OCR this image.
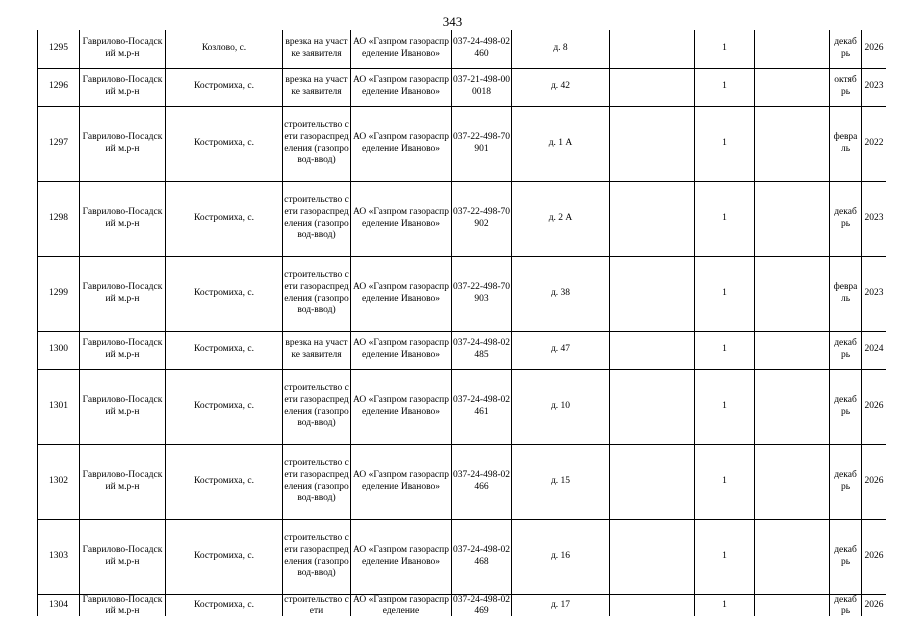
343
1295	Гаврилово-Посадский м.р-н	Козлово, с.	врезка на участке заявителя	АО «Газпром газораспределение Иваново»	037-24-498-02460	д. 8		1		декабрь	2026
1296	Гаврилово-Посадский м.р-н	Костромиха, с.	врезка на участке заявителя	АО «Газпром газораспределение Иваново»	037-21-498-000018	д. 42		1		октябрь	2023
1297	Гаврилово-Посадский м.р-н	Костромиха, с.	строительство сети газораспределения (газопровод-ввод)	АО «Газпром газораспределение Иваново»	037-22-498-70901	д. 1 А		1		февраль	2022
1298	Гаврилово-Посадский м.р-н	Костромиха, с.	строительство сети газораспределения (газопровод-ввод)	АО «Газпром газораспределение Иваново»	037-22-498-70902	д. 2 А		1		декабрь	2023
1299	Гаврилово-Посадский м.р-н	Костромиха, с.	строительство сети газораспределения (газопровод-ввод)	АО «Газпром газораспределение Иваново»	037-22-498-70903	д. 38		1		февраль	2023
1300	Гаврилово-Посадский м.р-н	Костромиха, с.	врезка на участке заявителя	АО «Газпром газораспределение Иваново»	037-24-498-02485	д. 47		1		декабрь	2024
1301	Гаврилово-Посадский м.р-н	Костромиха, с.	строительство сети газораспределения (газопровод-ввод)	АО «Газпром газораспределение Иваново»	037-24-498-02461	д. 10		1		декабрь	2026
1302	Гаврилово-Посадский м.р-н	Костромиха, с.	строительство сети газораспределения (газопровод-ввод)	АО «Газпром газораспределение Иваново»	037-24-498-02466	д. 15		1		декабрь	2026
1303	Гаврилово-Посадский м.р-н	Костромиха, с.	строительство сети газораспределения (газопровод-ввод)	АО «Газпром газораспределение Иваново»	037-24-498-02468	д. 16		1		декабрь	2026
1304	Гаврилово-Посадский м.р-н	Костромиха, с.	строительство сети	АО «Газпром газораспределение	037-24-498-02469	д. 17		1		декабрь	2026
